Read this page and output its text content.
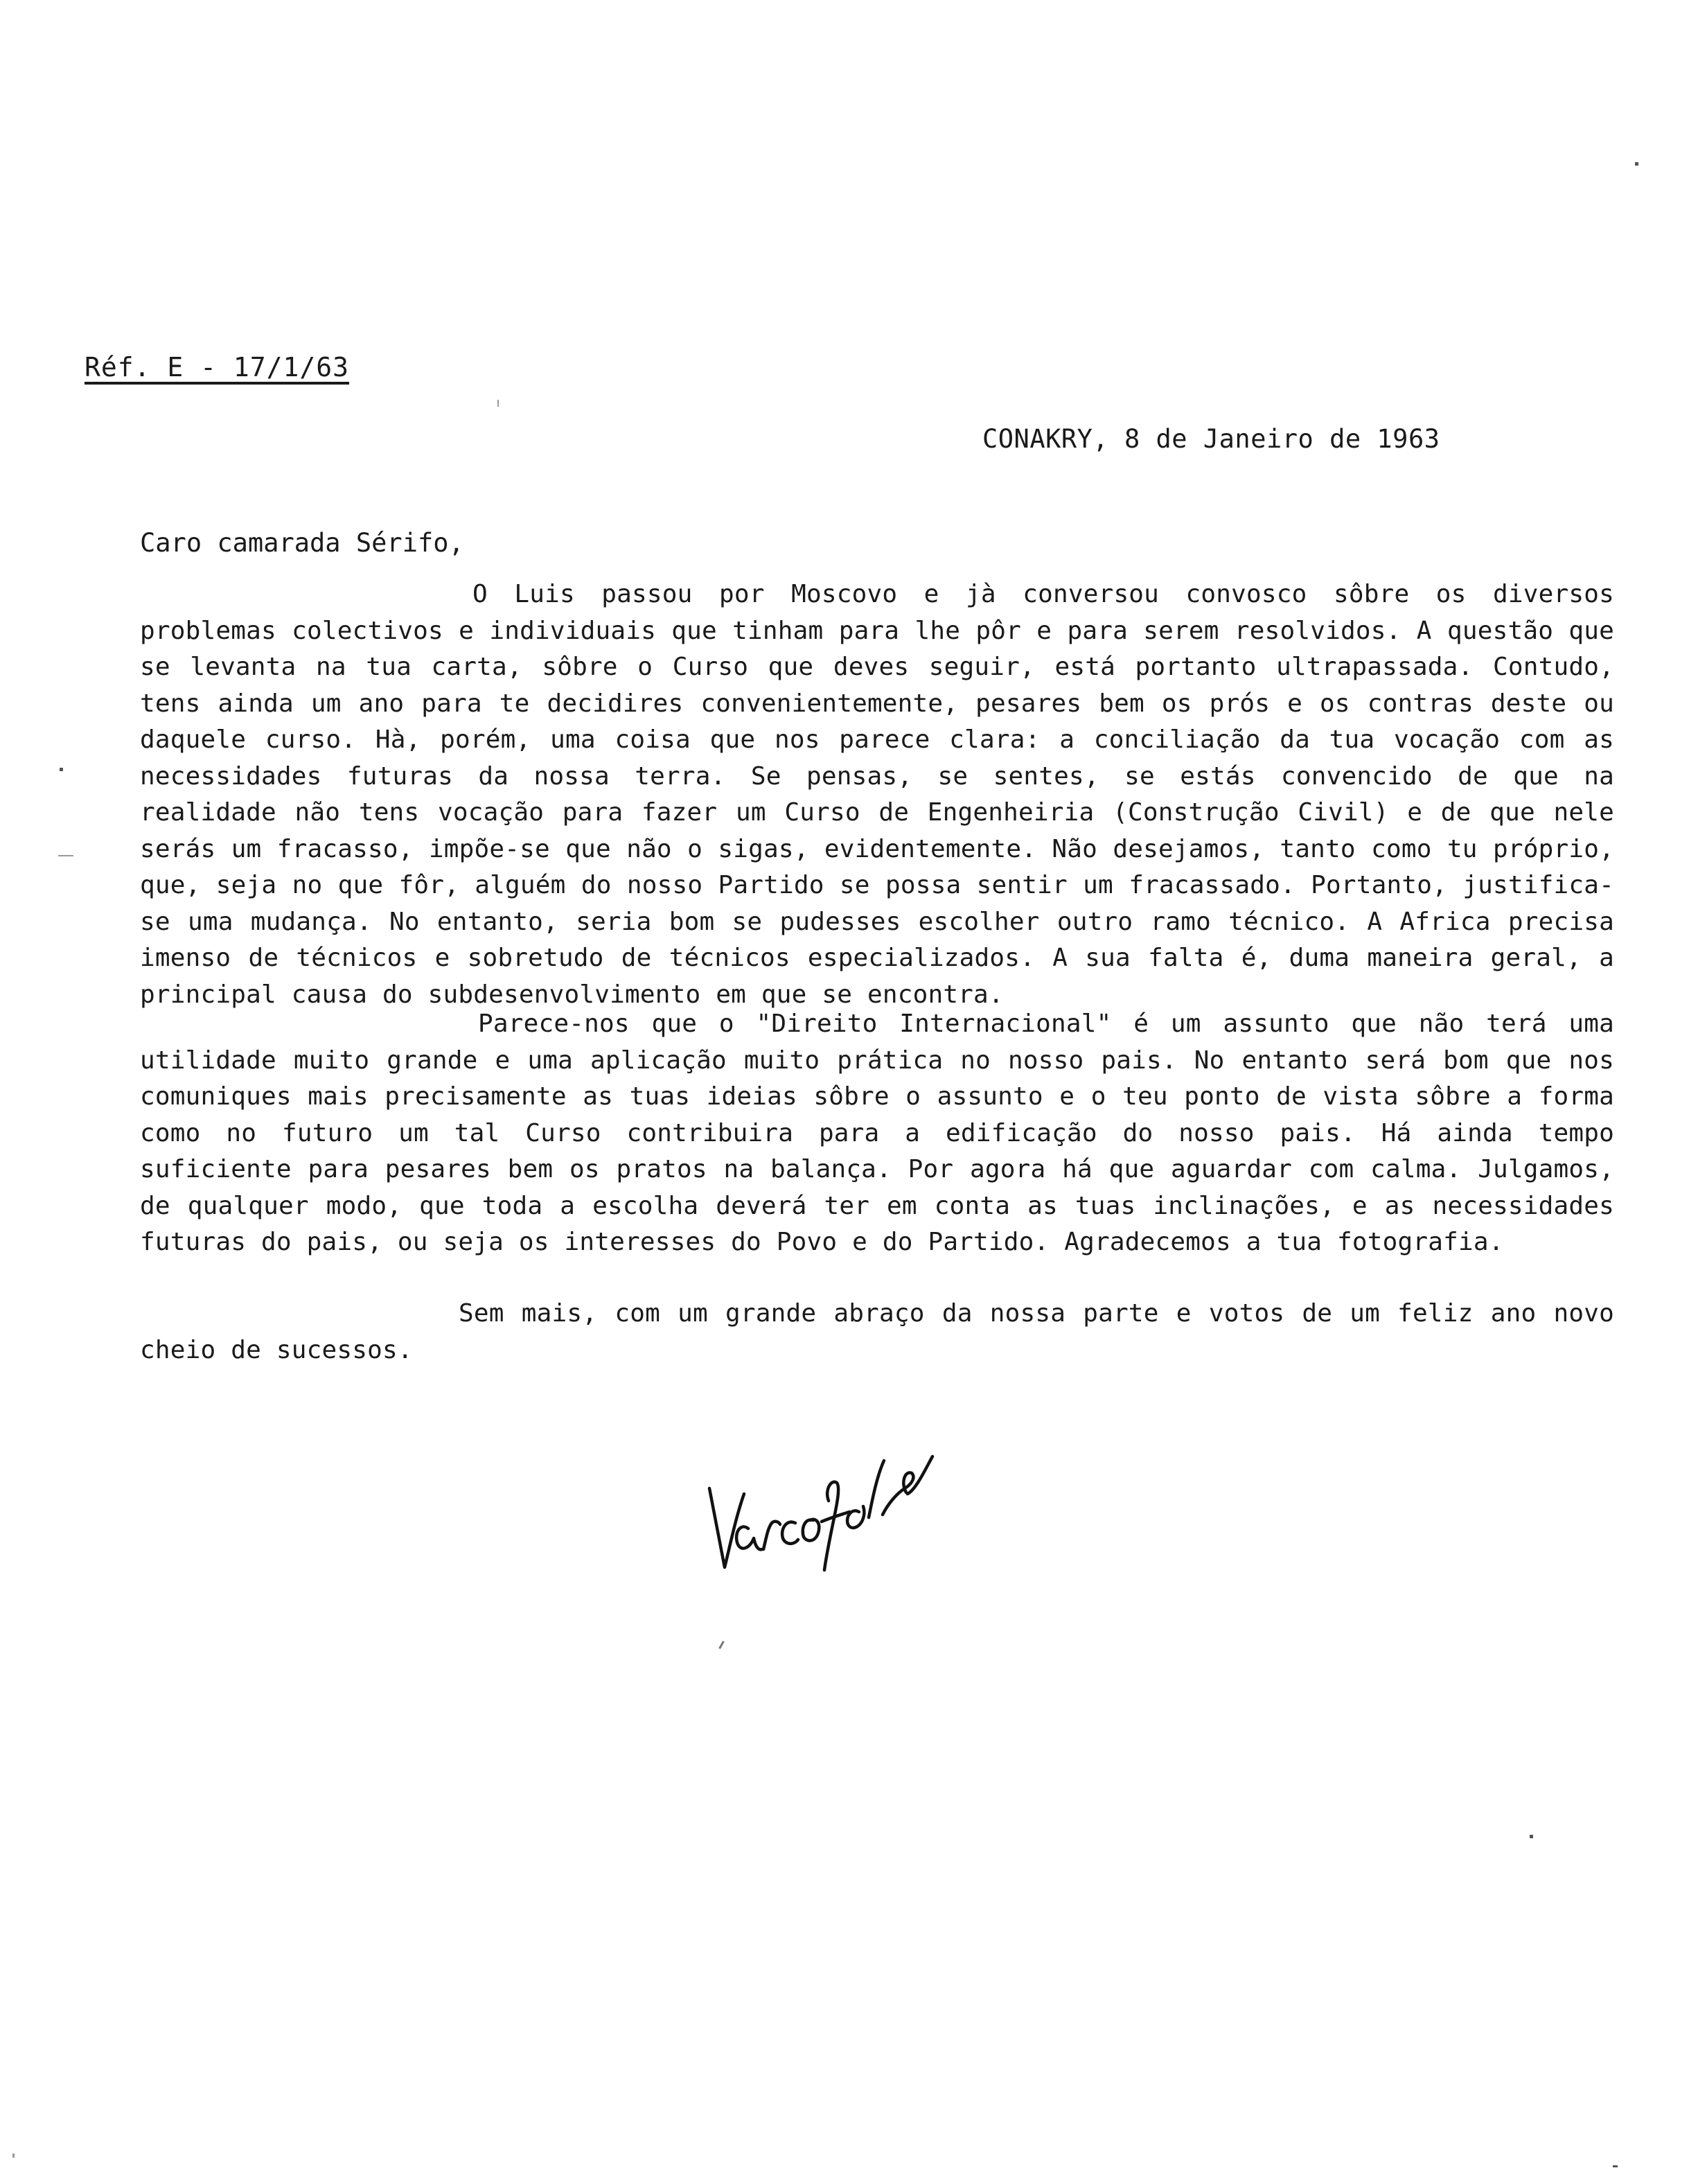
Réf. E - 17/1/63
CONAKRY, 8 de Janeiro de 1963
Caro camarada Sérifo,
O Luis passou por Moscovo e jà conversou convosco sôbre os diversos problemas colectivos e individuais que tinham para lhe pôr e para serem resolvidos. A questão que se levanta na tua carta, sôbre o Curso que deves seguir, está portanto ultrapassada. Contudo, tens ainda um ano para te decidires convenientemente, pesares bem os prós e os contras deste ou daquele curso. Hà, porém, uma coisa que nos parece clara: a conciliação da tua vocação com as necessidades futuras da nossa terra. Se pensas, se sentes, se estás convencido de que na realidade não tens vocação para fazer um Curso de Engenheiria (Construção Civil) e de que nele serás um fracasso, impõe-se que não o sigas, evidentemente. Não desejamos, tanto como tu próprio, que, seja no que fôr, alguém do nosso Partido se possa sentir um fracassado. Portanto, justifica-se uma mudança. No entanto, seria bom se pudesses escolher outro ramo técnico. A Africa precisa imenso de técnicos e sobretudo de técnicos especializados. A sua falta é, duma maneira geral, a principal causa do subdesenvolvimento em que se encontra.
Parece-nos que o "Direito Internacional" é um assunto que não terá uma utilidade muito grande e uma aplicação muito prática no nosso pais. No entanto será bom que nos comuniques mais precisamente as tuas ideias sôbre o assunto e o teu ponto de vista sôbre a forma como no futuro um tal Curso contribuira para a edificação do nosso pais. Há ainda tempo suficiente para pesares bem os pratos na balança. Por agora há que aguardar com calma. Julgamos, de qualquer modo, que toda a escolha deverá ter em conta as tuas inclinações, e as necessidades futuras do pais, ou seja os interesses do Povo e do Partido. Agradecemos a tua fotografia.
Sem mais, com um grande abraço da nossa parte e votos de um feliz ano novo cheio de sucessos.
